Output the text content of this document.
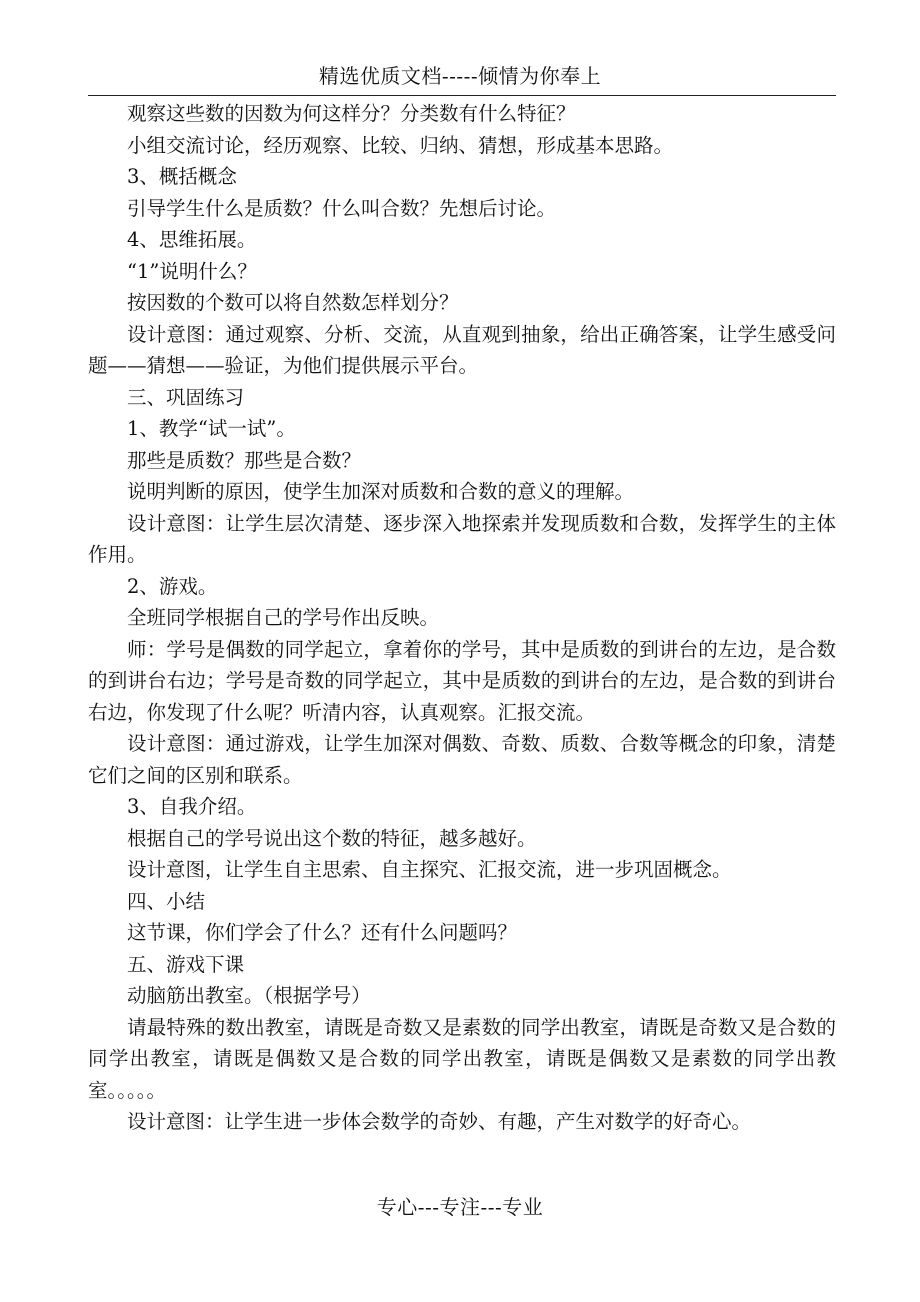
精选优质文档-----倾情为你奉上

观察这些数的因数为何这样分？分类数有什么特征？

小组交流讨论，经历观察、比较、归纳、猜想，形成基本思路。

3、概括概念

引导学生什么是质数？什么叫合数？先想后讨论。

4、思维拓展。

“1”说明什么？

按因数的个数可以将自然数怎样划分？

设计意图：通过观察、分析、交流，从直观到抽象，给出正确答案，让学生感受问题——猜想——验证，为他们提供展示平台。

三、巩固练习

1、教学“试一试”。

那些是质数？那些是合数？

说明判断的原因，使学生加深对质数和合数的意义的理解。

设计意图：让学生层次清楚、逐步深入地探索并发现质数和合数，发挥学生的主体作用。

2、游戏。

全班同学根据自己的学号作出反映。

师：学号是偶数的同学起立，拿着你的学号，其中是质数的到讲台的左边，是合数的到讲台右边；学号是奇数的同学起立，其中是质数的到讲台的左边，是合数的到讲台右边，你发现了什么呢？听清内容，认真观察。汇报交流。

设计意图：通过游戏，让学生加深对偶数、奇数、质数、合数等概念的印象，清楚它们之间的区别和联系。

3、自我介绍。

根据自己的学号说出这个数的特征，越多越好。

设计意图，让学生自主思索、自主探究、汇报交流，进一步巩固概念。

四、小结

这节课，你们学会了什么？还有什么问题吗？

五、游戏下课

动脑筋出教室。（根据学号）

请最特殊的数出教室，请既是奇数又是素数的同学出教室，请既是奇数又是合数的同学出教室，请既是偶数又是合数的同学出教室，请既是偶数又是素数的同学出教室。。。。。

设计意图：让学生进一步体会数学的奇妙、有趣，产生对数学的好奇心。

专心---专注---专业
